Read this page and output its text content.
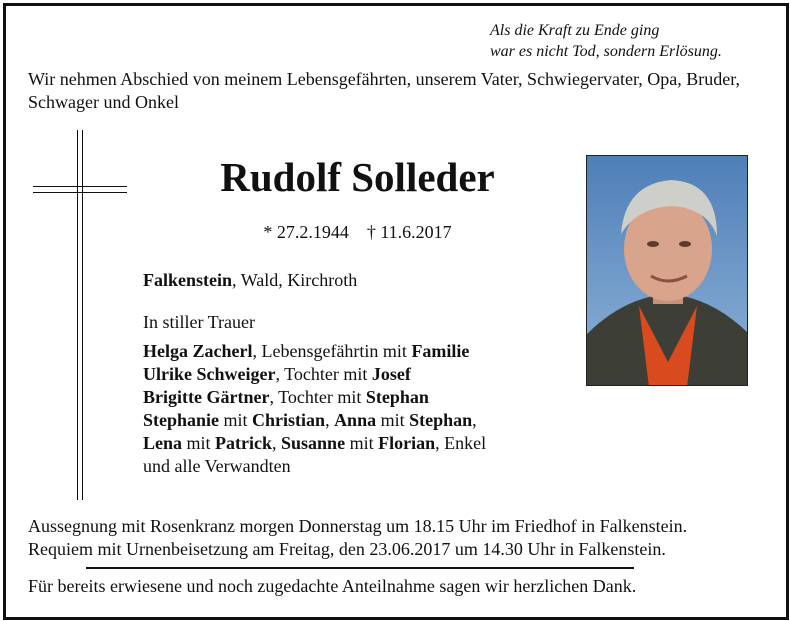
Als die Kraft zu Ende ging
war es nicht Tod, sondern Erlösung.
Wir nehmen Abschied von meinem Lebensgefährten, unserem Vater, Schwiegervater, Opa, Bruder, Schwager und Onkel
Rudolf Solleder
* 27.2.1944 † 11.6.2017
Falkenstein, Wald, Kirchroth
In stiller Trauer
Helga Zacherl, Lebensgefährtin mit Familie
Ulrike Schweiger, Tochter mit Josef
Brigitte Gärtner, Tochter mit Stephan
Stephanie mit Christian, Anna mit Stephan,
Lena mit Patrick, Susanne mit Florian, Enkel
und alle Verwandten
Aussegnung mit Rosenkranz morgen Donnerstag um 18.15 Uhr im Friedhof in Falkenstein.
Requiem mit Urnenbeisetzung am Freitag, den 23.06.2017 um 14.30 Uhr in Falkenstein.
Für bereits erwiesene und noch zugedachte Anteilnahme sagen wir herzlichen Dank.
